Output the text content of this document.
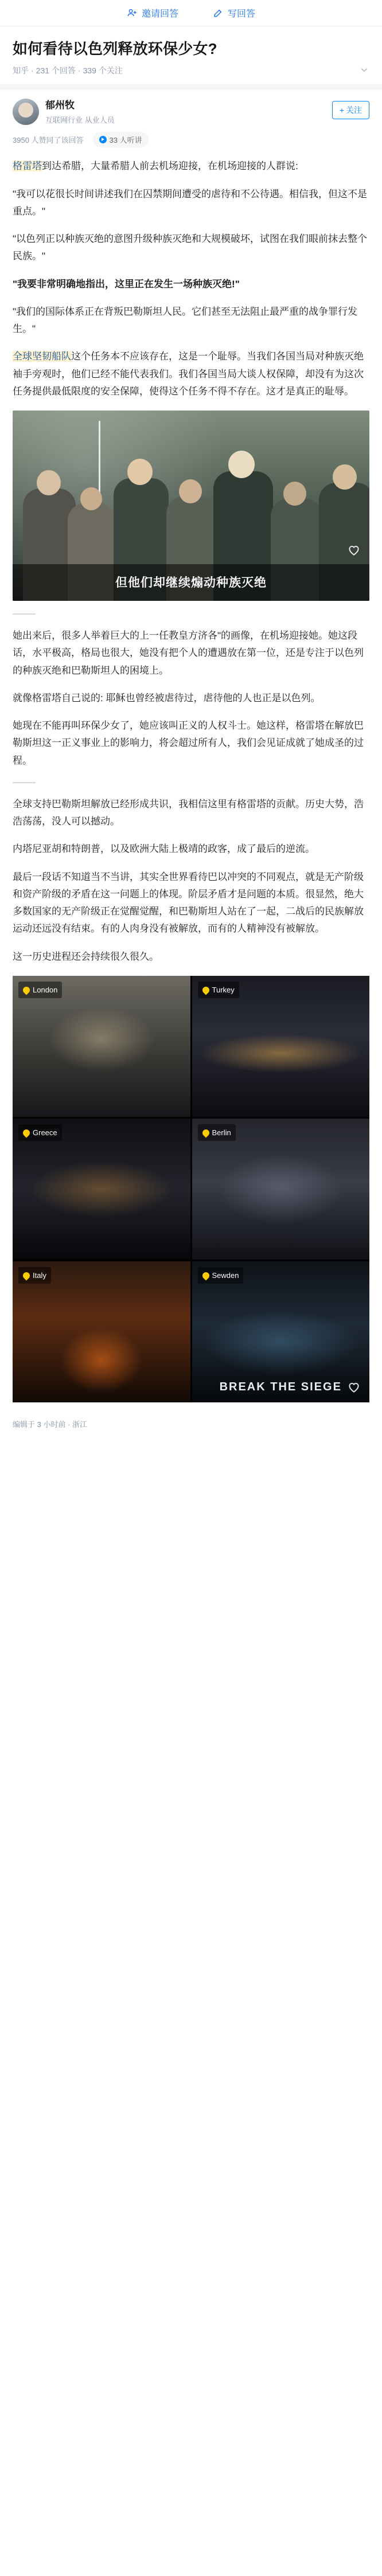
邀请回答	写回答
如何看待以色列释放环保少女?
知乎 · 231 个回答 · 339 个关注
郁州牧
互联网行业 从业人员
+ 关注
3950 人赞同了该回答	33 人听讲

格雷塔到达希腊，大量希腊人前去机场迎接，在机场迎接的人群说:

"我可以花很长时间讲述我们在囚禁期间遭受的虐待和不公待遇。相信我，但这不是重点。"

"以色列正以种族灭绝的意图升级种族灭绝和大规模破坏，试图在我们眼前抹去整个民族。"

"我要非常明确地指出，这里正在发生一场种族灭绝!"

"我们的国际体系正在背叛巴勒斯坦人民。它们甚至无法阻止最严重的战争罪行发生。"

全球坚韧船队这个任务本不应该存在，这是一个耻辱。当我们各国当局对种族灭绝袖手旁观时，他们已经不能代表我们。我们各国当局大谈人权保障，却没有为这次任务提供最低限度的安全保障，使得这个任务不得不存在。这才是真正的耻辱。

但他们却继续煽动种族灭绝

她出来后，很多人举着巨大的上一任教皇方济各"的画像，在机场迎接她。她这段话，水平极高，格局也很大，她没有把个人的遭遇放在第一位，还是专注于以色列的种族灭绝和巴勒斯坦人的困境上。

就像格雷塔自己说的: 耶稣也曾经被虐待过，虐待他的人也正是以色列。

她现在不能再叫环保少女了，她应该叫正义的人权斗士。她这样，格雷塔在解放巴勒斯坦这一正义事业上的影响力，将会超过所有人，我们会见证成就了她成圣的过程。

全球支持巴勒斯坦解放已经形成共识，我相信这里有格雷塔的贡献。历史大势，浩浩荡荡，没人可以撼动。

内塔尼亚胡和特朗普，以及欧洲大陆上极靖的政客，成了最后的逆流。

最后一段话不知道当不当讲，其实全世界看待巴以冲突的不同观点，就是无产阶级和资产阶级的矛盾在这一问题上的体现。阶层矛盾才是问题的本质。很显然，绝大多数国家的无产阶级正在觉醒觉醒，和巴勒斯坦人站在了一起，二战后的民族解放运动还远没有结束。有的人肉身没有被解放，而有的人精神没有被解放。

这一历史进程还会持续很久很久。

London	Turkey
Greece	Berlin
Italy	Sewden
BREAK THE SIEGE
编辑于 3 小时前 · 浙江
